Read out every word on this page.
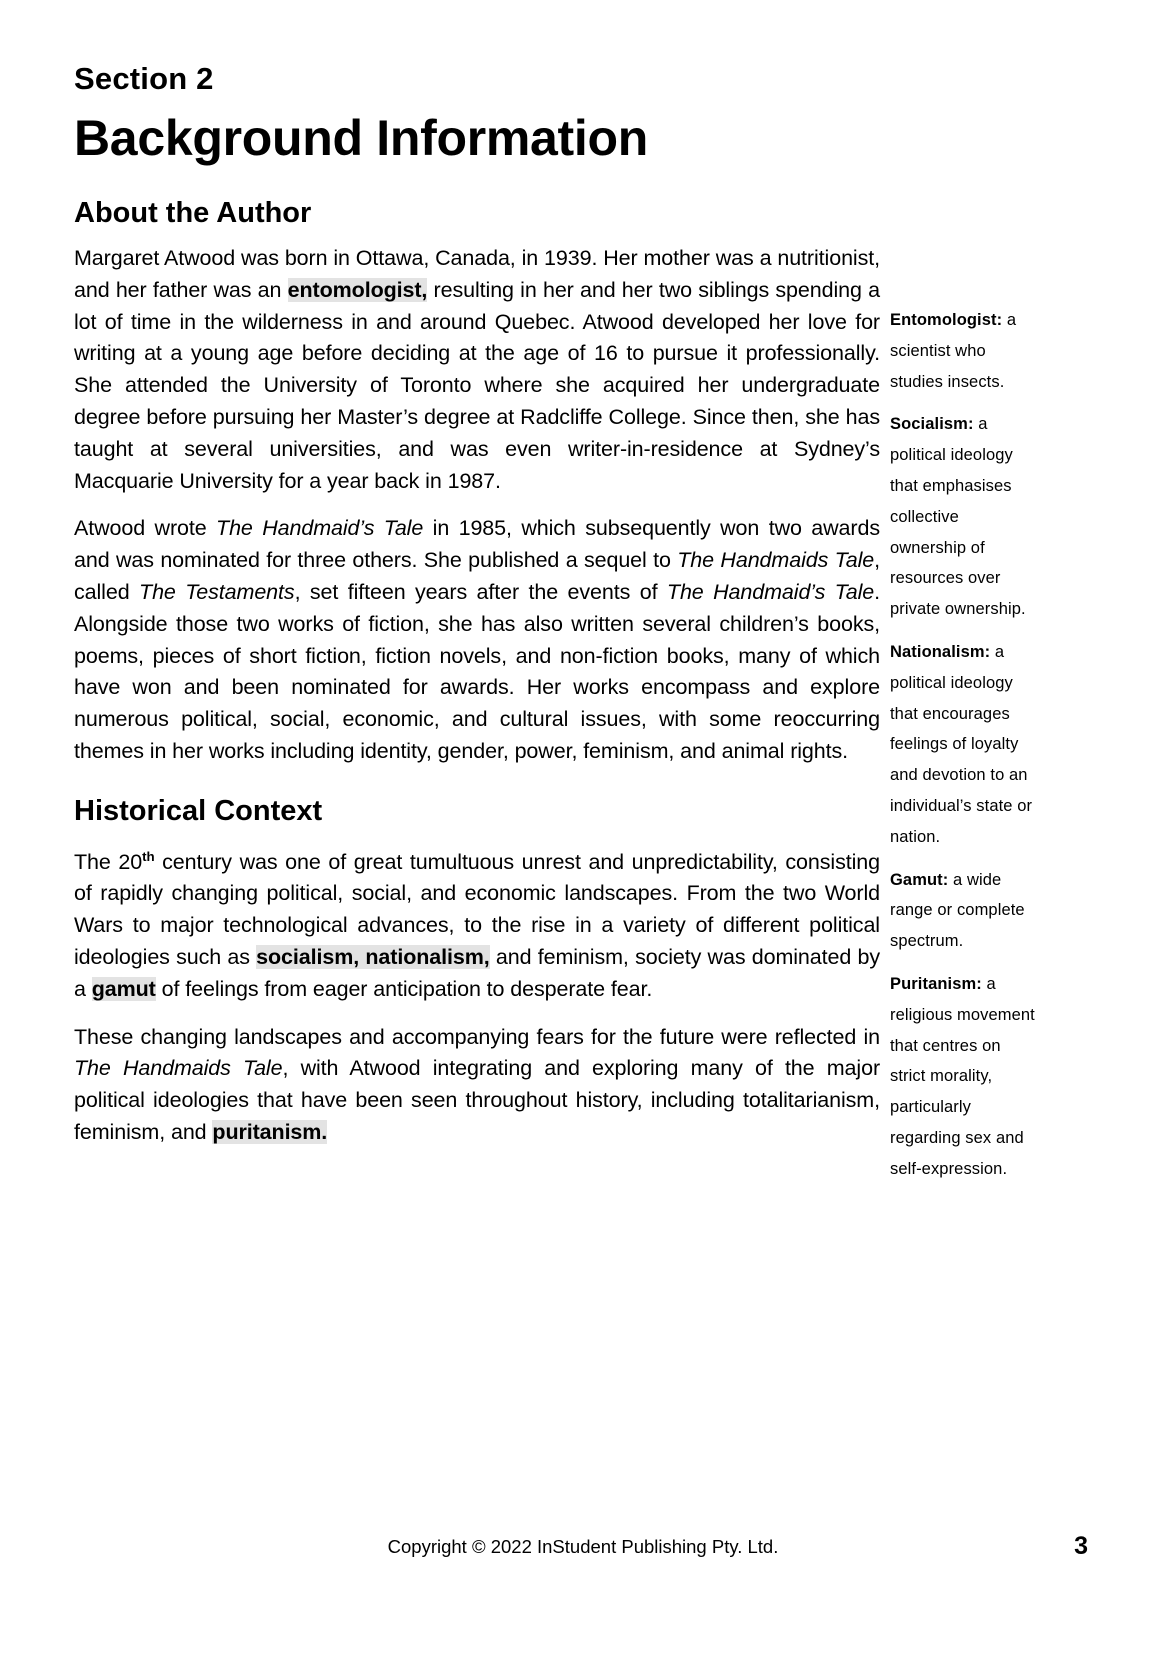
Section 2
Background Information
About the Author

Margaret Atwood was born in Ottawa, Canada, in 1939. Her mother was a nutritionist, and her father was an entomologist, resulting in her and her two siblings spending a lot of time in the wilderness in and around Quebec. Atwood developed her love for writing at a young age before deciding at the age of 16 to pursue it professionally. She attended the University of Toronto where she acquired her undergraduate degree before pursuing her Master’s degree at Radcliffe College. Since then, she has taught at several universities, and was even writer-in-residence at Sydney’s Macquarie University for a year back in 1987.

Atwood wrote The Handmaid’s Tale in 1985, which subsequently won two awards and was nominated for three others. She published a sequel to The Handmaids Tale, called The Testaments, set fifteen years after the events of The Handmaid’s Tale. Alongside those two works of fiction, she has also written several children’s books, poems, pieces of short fiction, fiction novels, and non-fiction books, many of which have won and been nominated for awards. Her works encompass and explore numerous political, social, economic, and cultural issues, with some reoccurring themes in her works including identity, gender, power, feminism, and animal rights.

Historical Context

The 20th century was one of great tumultuous unrest and unpredictability, consisting of rapidly changing political, social, and economic landscapes. From the two World Wars to major technological advances, to the rise in a variety of different political ideologies such as socialism, nationalism, and feminism, society was dominated by a gamut of feelings from eager anticipation to desperate fear.

These changing landscapes and accompanying fears for the future were reflected in The Handmaids Tale, with Atwood integrating and exploring many of the major political ideologies that have been seen throughout history, including totalitarianism, feminism, and puritanism.

Entomologist: a scientist who studies insects.
Socialism: a political ideology that emphasises collective ownership of resources over private ownership.
Nationalism: a political ideology that encourages feelings of loyalty and devotion to an individual’s state or nation.
Gamut: a wide range or complete spectrum.
Puritanism: a religious movement that centres on strict morality, particularly regarding sex and self-expression.
Copyright © 2022 InStudent Publishing Pty. Ltd.	3
